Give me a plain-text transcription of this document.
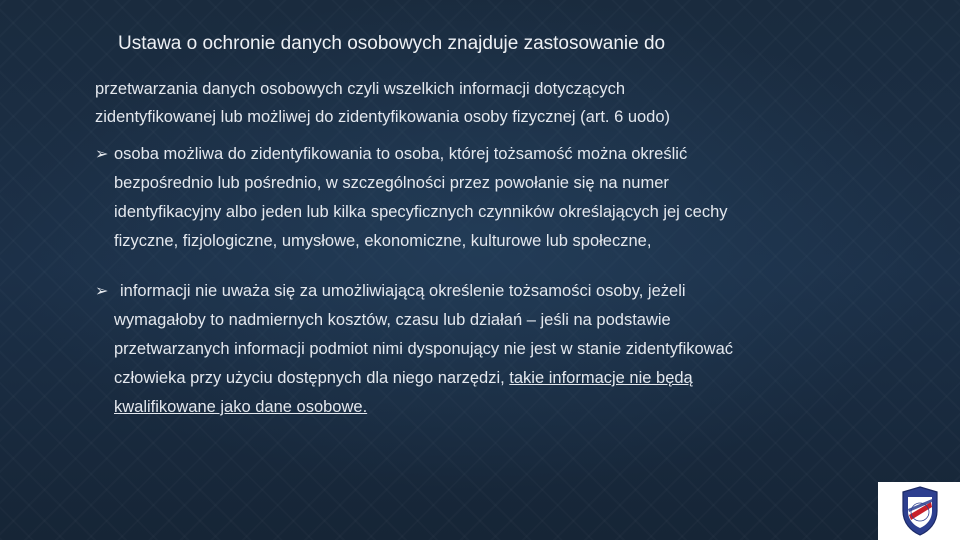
Ustawa o ochronie danych osobowych znajduje zastosowanie do
przetwarzania danych osobowych czyli wszelkich informacji dotyczących
zidentyfikowanej lub możliwej do zidentyfikowania osoby fizycznej (art. 6 uodo)
➢ osoba możliwa do zidentyfikowania to osoba, której tożsamość można określić
bezpośrednio lub pośrednio, w szczególności przez powołanie się na numer
identyfikacyjny albo jeden lub kilka specyficznych czynników określających jej cechy
fizyczne, fizjologiczne, umysłowe, ekonomiczne, kulturowe lub społeczne,
➢ informacji nie uważa się za umożliwiającą określenie tożsamości osoby, jeżeli
wymagałoby to nadmiernych kosztów, czasu lub działań – jeśli na podstawie
przetwarzanych informacji podmiot nimi dysponujący nie jest w stanie zidentyfikować
człowieka przy użyciu dostępnych dla niego narzędzi, takie informacje nie będą
kwalifikowane jako dane osobowe.
